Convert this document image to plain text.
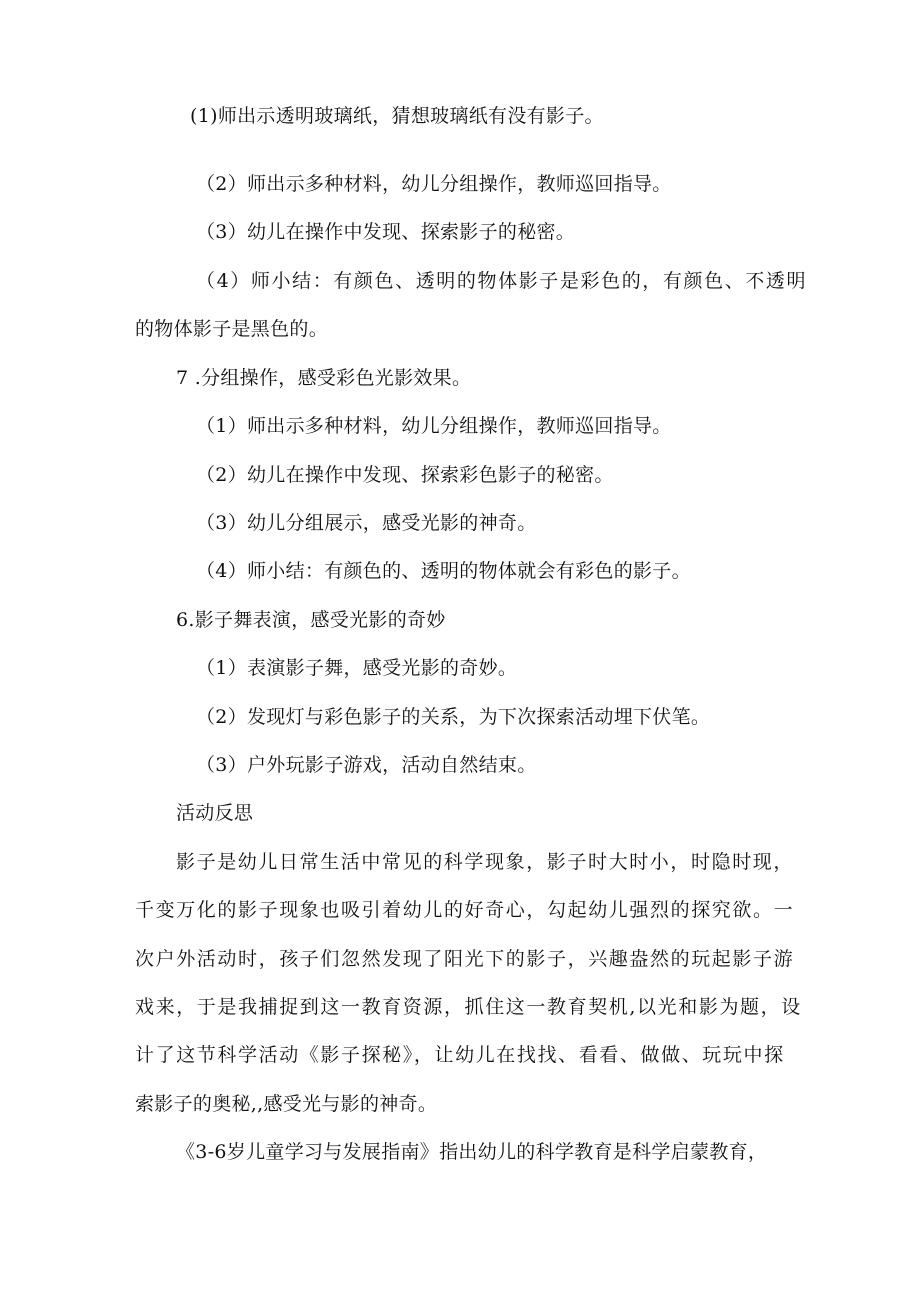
(1)师出示透明玻璃纸，猜想玻璃纸有没有影子。
（2）师出示多种材料，幼儿分组操作，教师巡回指导。
（3）幼儿在操作中发现、探索影子的秘密。
（4）师小结：有颜色、透明的物体影子是彩色的，有颜色、不透明
的物体影子是黑色的。
7 .分组操作，感受彩色光影效果。
（1）师出示多种材料，幼儿分组操作，教师巡回指导。
（2）幼儿在操作中发现、探索彩色影子的秘密。
（3）幼儿分组展示，感受光影的神奇。
（4）师小结：有颜色的、透明的物体就会有彩色的影子。
6.影子舞表演，感受光影的奇妙
（1）表演影子舞，感受光影的奇妙。
（2）发现灯与彩色影子的关系，为下次探索活动埋下伏笔。
（3）户外玩影子游戏，活动自然结束。
活动反思
影子是幼儿日常生活中常见的科学现象，影子时大时小，时隐时现，
千变万化的影子现象也吸引着幼儿的好奇心，勾起幼儿强烈的探究欲。一
次户外活动时，孩子们忽然发现了阳光下的影子，兴趣盎然的玩起影子游
戏来，于是我捕捉到这一教育资源，抓住这一教育契机,以光和影为题，设
计了这节科学活动《影子探秘》，让幼儿在找找、看看、做做、玩玩中探
索影子的奥秘,,感受光与影的神奇。
《3-6岁儿童学习与发展指南》指出幼儿的科学教育是科学启蒙教育，
